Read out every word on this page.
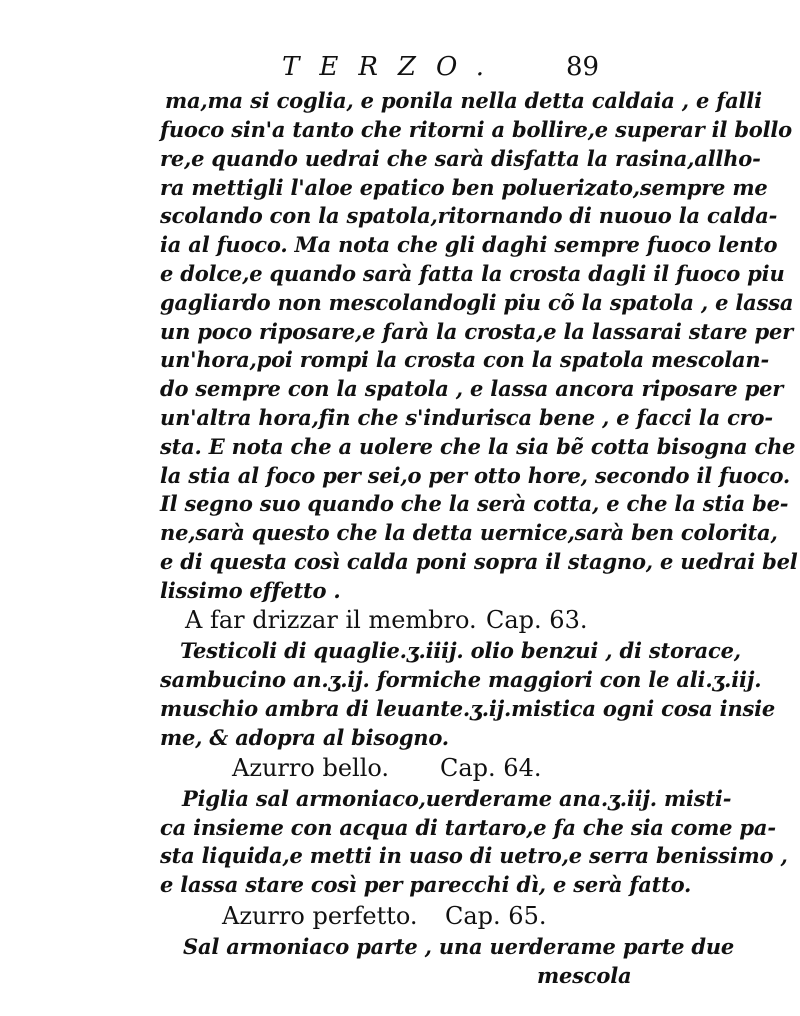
TERZO. 89
ma,ma si coglia, e ponila nella detta caldaia , e falli
fuoco sin'a tanto che ritorni a bollire,e superar il bollo
re,e quando uedrai che sarà disfatta la rasina,allho-
ra mettigli l'aloe epatico ben poluerizato,sempre me
scolando con la spatola,ritornando di nuouo la calda-
ia al fuoco. Ma nota che gli daghi sempre fuoco lento
e dolce,e quando sarà fatta la crosta dagli il fuoco piu
gagliardo non mescolandogli piu cõ la spatola , e lassa
un poco riposare,e farà la crosta,e la lassarai stare per
un'hora,poi rompi la crosta con la spatola mescolan-
do sempre con la spatola , e lassa ancora riposare per
un'altra hora,fin che s'indurisca bene , e facci la cro-
sta. E nota che a uolere che la sia bẽ cotta bisogna che
la stia al foco per sei,o per otto hore, secondo il fuoco.
Il segno suo quando che la serà cotta, e che la stia be-
ne,sarà questo che la detta uernice,sarà ben colorita,
e di questa così calda poni sopra il stagno, e uedrai bel
lissimo effetto .
A far drizzar il membro. Cap. 63.
Testicoli di quaglie.ʒ.iiij. olio benzui , di storace,
sambucino an.ʒ.ij. formiche maggiori con le ali.ʒ.iij.
muschio ambra di leuante.ʒ.ij.mistica ogni cosa insie
me, & adopra al bisogno.
Azurro bello. Cap. 64.
Piglia sal armoniaco,uerderame ana.ʒ.iij. misti-
ca insieme con acqua di tartaro,e fa che sia come pa-
sta liquida,e metti in uaso di uetro,e serra benissimo ,
e lassa stare così per parecchi dì, e serà fatto.
Azurro perfetto. Cap. 65.
Sal armoniaco parte , una uerderame parte due
mescola
